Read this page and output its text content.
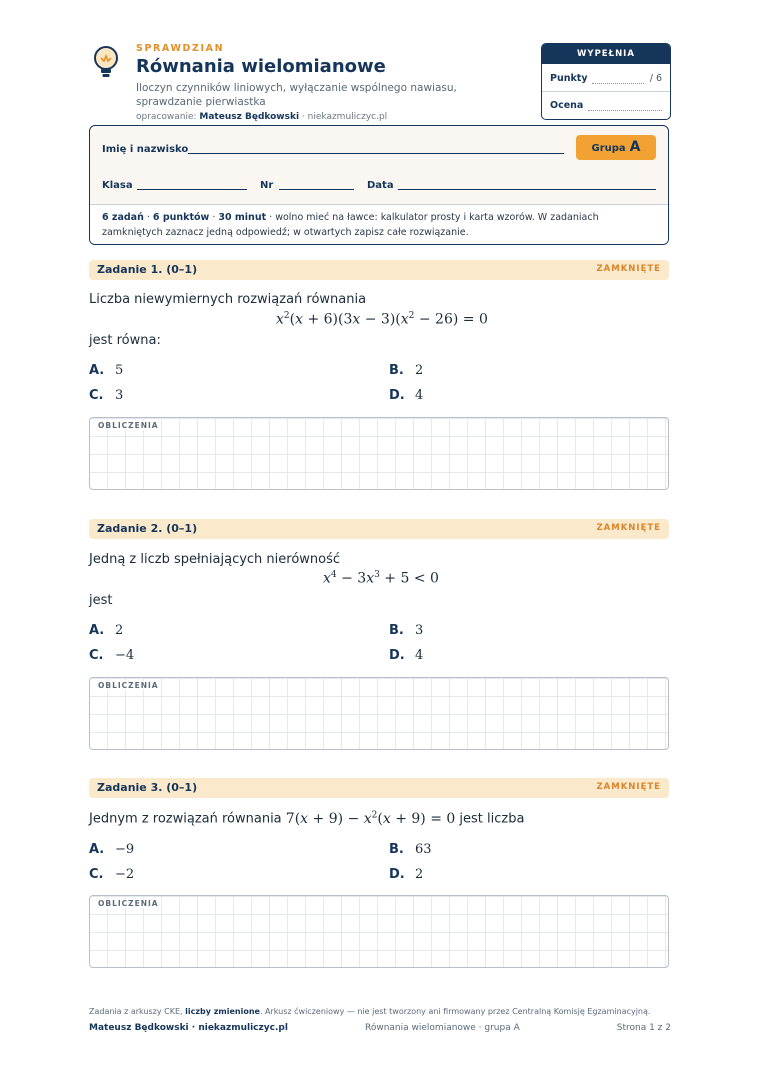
SPRAWDZIAN
Równania wielomianowe
Iloczyn czynników liniowych, wyłączanie wspólnego nawiasu, sprawdzanie pierwiastka
opracowanie: Mateusz Będkowski · niekazmuliczyc.pl
WYPEŁNIA NAUCZYCIEL
Punkty	/ 6
Ocena
Imię i nazwisko	Grupa A
Klasa	Nr	Data
6 zadań · 6 punktów · 30 minut · wolno mieć na ławce: kalkulator prosty i karta wzorów. W zadaniach zamkniętych zaznacz jedną odpowiedź; w otwartych zapisz całe rozwiązanie.
Zadanie 1. (0–1)	ZAMKNIĘTE
Liczba niewymiernych rozwiązań równania
$x^2(x + 6)(3x - 3)(x^2 - 26) = 0$
jest równa:
A. 5	B. 2
C. 3	D. 4
OBLICZENIA
Zadanie 2. (0–1)	ZAMKNIĘTE
Jedną z liczb spełniających nierówność
$x^4 - 3x^3 + 5 < 0$
jest
A. 2	B. 3
C. −4	D. 4
OBLICZENIA
Zadanie 3. (0–1)	ZAMKNIĘTE
Jednym z rozwiązań równania $7(x + 9) - x^2(x + 9) = 0$ jest liczba
A. −9	B. 63
C. −2	D. 2
OBLICZENIA
Zadania z arkuszy CKE, liczby zmienione. Arkusz ćwiczeniowy — nie jest tworzony ani firmowany przez Centralną Komisję Egzaminacyjną.
Mateusz Będkowski · niekazmuliczyc.pl	Równania wielomianowe · grupa A	Strona 1 z 2
